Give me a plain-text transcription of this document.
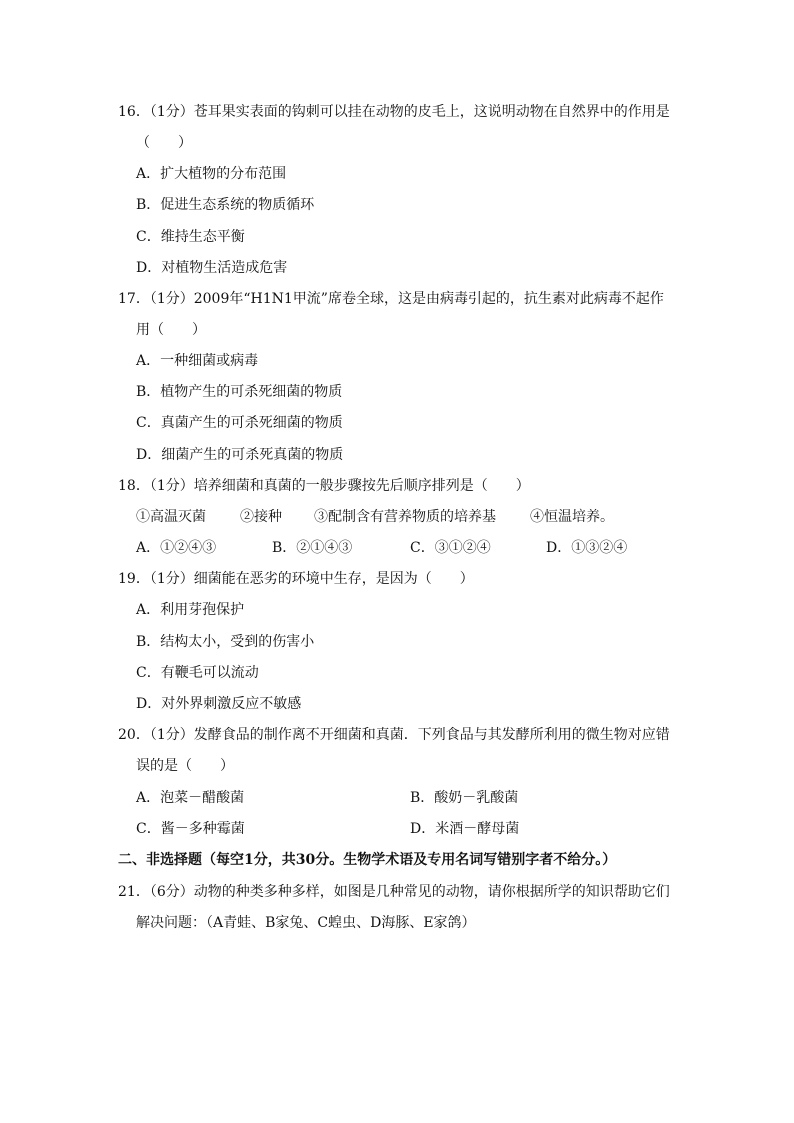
16．（1分）苍耳果实表面的钩刺可以挂在动物的皮毛上，这说明动物在自然界中的作用是
（　　）
A．扩大植物的分布范围
B．促进生态系统的物质循环
C．维持生态平衡
D．对植物生活造成危害
17．（1分）2009年“H1N1甲流”席卷全球，这是由病毒引起的，抗生素对此病毒不起作
用（　　）
A．一种细菌或病毒
B．植物产生的可杀死细菌的物质
C．真菌产生的可杀死细菌的物质
D．细菌产生的可杀死真菌的物质
18．（1分）培养细菌和真菌的一般步骤按先后顺序排列是（　　）
①高温灭菌 ②接种 ③配制含有营养物质的培养基 ④恒温培养。
A．①②④③	B．②①④③	C．③①②④	D．①③②④
19．（1分）细菌能在恶劣的环境中生存，是因为（　　）
A．利用芽孢保护
B．结构太小，受到的伤害小
C．有鞭毛可以流动
D．对外界刺激反应不敏感
20．（1分）发酵食品的制作离不开细菌和真菌．下列食品与其发酵所利用的微生物对应错
误的是（　　）
A．泡菜－醋酸菌	B．酸奶－乳酸菌
C．酱－多种霉菌	D．米酒－酵母菌
二、非选择题（每空1分，共30分。生物学术语及专用名词写错别字者不给分。）
21．（6分）动物的种类多种多样，如图是几种常见的动物，请你根据所学的知识帮助它们
解决问题：（A青蛙、B家兔、C蝗虫、D海豚、E家鸽）
